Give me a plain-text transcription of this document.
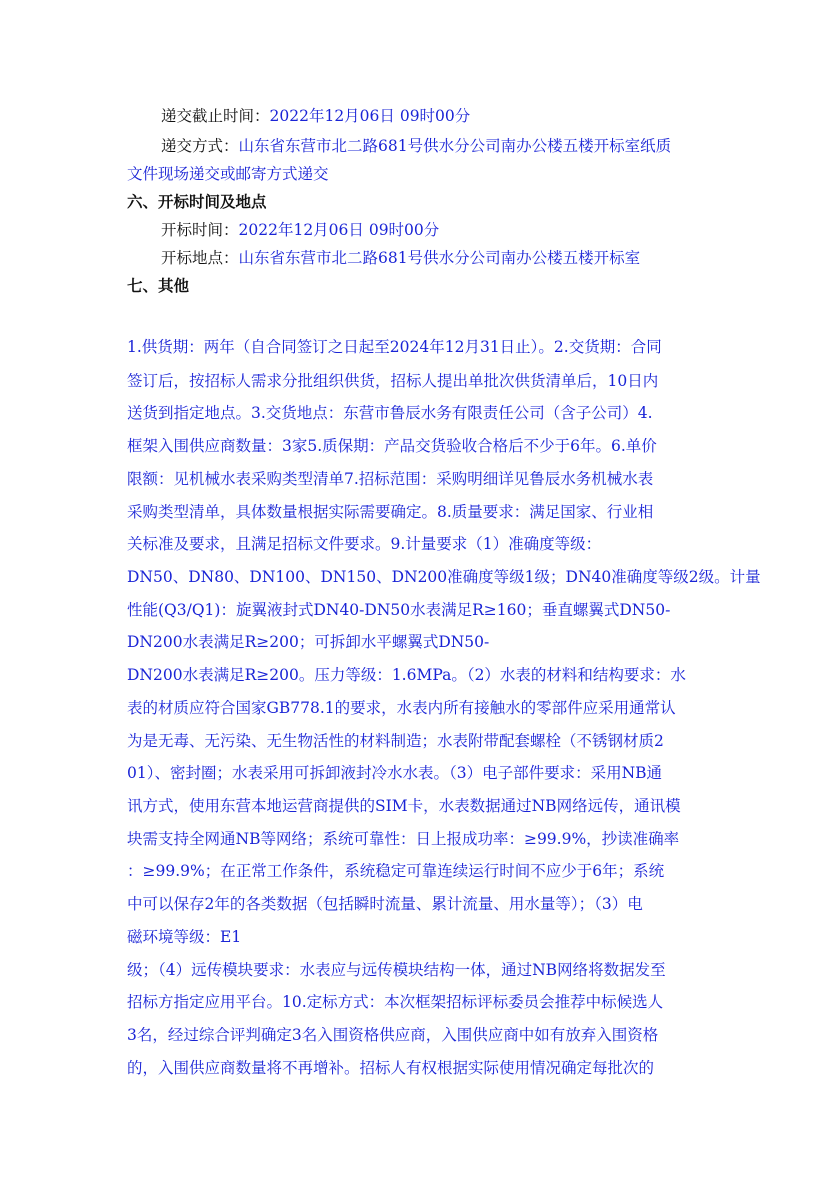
递交截止时间：2022年12月06日 09时00分
递交方式：山东省东营市北二路681号供水分公司南办公楼五楼开标室纸质
文件现场递交或邮寄方式递交
六、开标时间及地点
开标时间：2022年12月06日 09时00分
开标地点：山东省东营市北二路681号供水分公司南办公楼五楼开标室
七、其他
1.供货期：两年（自合同签订之日起至2024年12月31日止）。2.交货期：合同
签订后，按招标人需求分批组织供货，招标人提出单批次供货清单后，10日内
送货到指定地点。3.交货地点：东营市鲁辰水务有限责任公司（含子公司）4.
框架入围供应商数量：3家5.质保期：产品交货验收合格后不少于6年。6.单价
限额：见机械水表采购类型清单7.招标范围：采购明细详见鲁辰水务机械水表
采购类型清单，具体数量根据实际需要确定。8.质量要求：满足国家、行业相
关标准及要求，且满足招标文件要求。9.计量要求（1）准确度等级：
DN50、DN80、DN100、DN150、DN200准确度等级1级；DN40准确度等级2级。计量
性能(Q3/Q1)：旋翼液封式DN40-DN50水表满足R≥160；垂直螺翼式DN50-
DN200水表满足R≥200；可拆卸水平螺翼式DN50-
DN200水表满足R≥200。压力等级：1.6MPa。（2）水表的材料和结构要求：水
表的材质应符合国家GB778.1的要求，水表内所有接触水的零部件应采用通常认
为是无毒、无污染、无生物活性的材料制造；水表附带配套螺栓（不锈钢材质2
01）、密封圈；水表采用可拆卸液封冷水水表。（3）电子部件要求：采用NB通
讯方式，使用东营本地运营商提供的SIM卡，水表数据通过NB网络远传，通讯模
块需支持全网通NB等网络；系统可靠性：日上报成功率：≥99.9%，抄读准确率
：≥99.9%；在正常工作条件，系统稳定可靠连续运行时间不应少于6年；系统
中可以保存2年的各类数据（包括瞬时流量、累计流量、用水量等）；（3）电
磁环境等级：E1
级；（4）远传模块要求：水表应与远传模块结构一体，通过NB网络将数据发至
招标方指定应用平台。10.定标方式：本次框架招标评标委员会推荐中标候选人
3名，经过综合评判确定3名入围资格供应商，入围供应商中如有放弃入围资格
的，入围供应商数量将不再增补。招标人有权根据实际使用情况确定每批次的
